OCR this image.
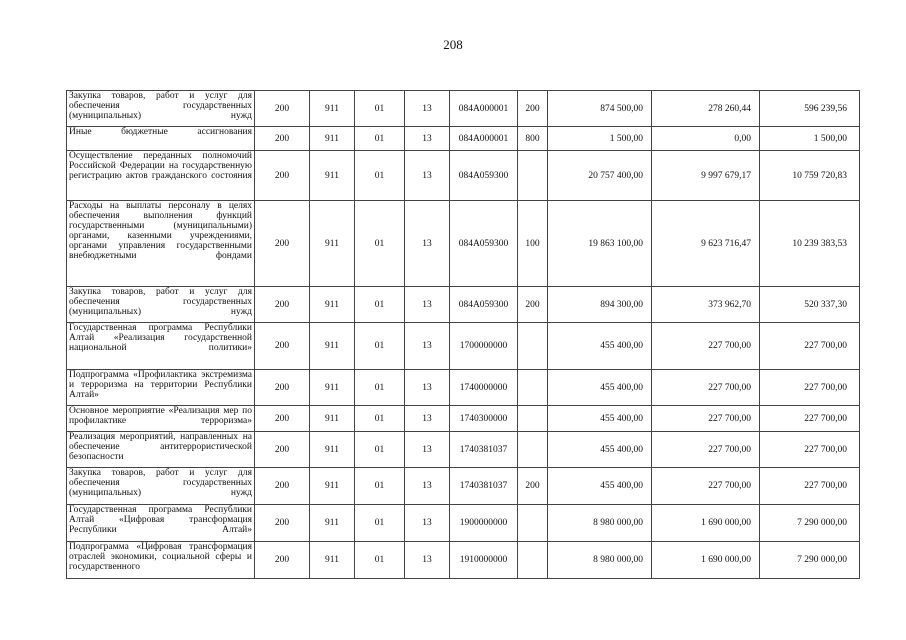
208
Закупка товаров, работ и услуг для обеспечения государственных (муниципальных) нужд	200	911	01	13	084A000001	200	874 500,00	278 260,44	596 239,56

Иные бюджетные ассигнования	200	911	01	13	084A000001	800	1 500,00	0,00	1 500,00

Осуществление переданных полномочий Российской Федерации на государственную регистрацию актов гражданского состояния	200	911	01	13	084A059300		20 757 400,00	9 997 679,17	10 759 720,83

Расходы на выплаты персоналу в целях обеспечения выполнения функций государственными (муниципальными) органами, казенными учреждениями, органами управления государственными внебюджетными фондами	200	911	01	13	084A059300	100	19 863 100,00	9 623 716,47	10 239 383,53

Закупка товаров, работ и услуг для обеспечения государственных (муниципальных) нужд	200	911	01	13	084A059300	200	894 300,00	373 962,70	520 337,30

Государственная программа Республики Алтай «Реализация государственной национальной политики»	200	911	01	13	1700000000		455 400,00	227 700,00	227 700,00

Подпрограмма «Профилактика экстремизма и терроризма на территории Республики Алтай»	200	911	01	13	1740000000		455 400,00	227 700,00	227 700,00

Основное мероприятие «Реализация мер по профилактике терроризма»	200	911	01	13	1740300000		455 400,00	227 700,00	227 700,00

Реализация мероприятий, направленных на обеспечение антитеррористической безопасности	200	911	01	13	1740381037		455 400,00	227 700,00	227 700,00

Закупка товаров, работ и услуг для обеспечения государственных (муниципальных) нужд	200	911	01	13	1740381037	200	455 400,00	227 700,00	227 700,00

Государственная программа Республики Алтай «Цифровая трансформация Республики Алтай»	200	911	01	13	1900000000		8 980 000,00	1 690 000,00	7 290 000,00

Подпрограмма «Цифровая трансформация отраслей экономики, социальной сферы и государственного	200	911	01	13	1910000000		8 980 000,00	1 690 000,00	7 290 000,00
